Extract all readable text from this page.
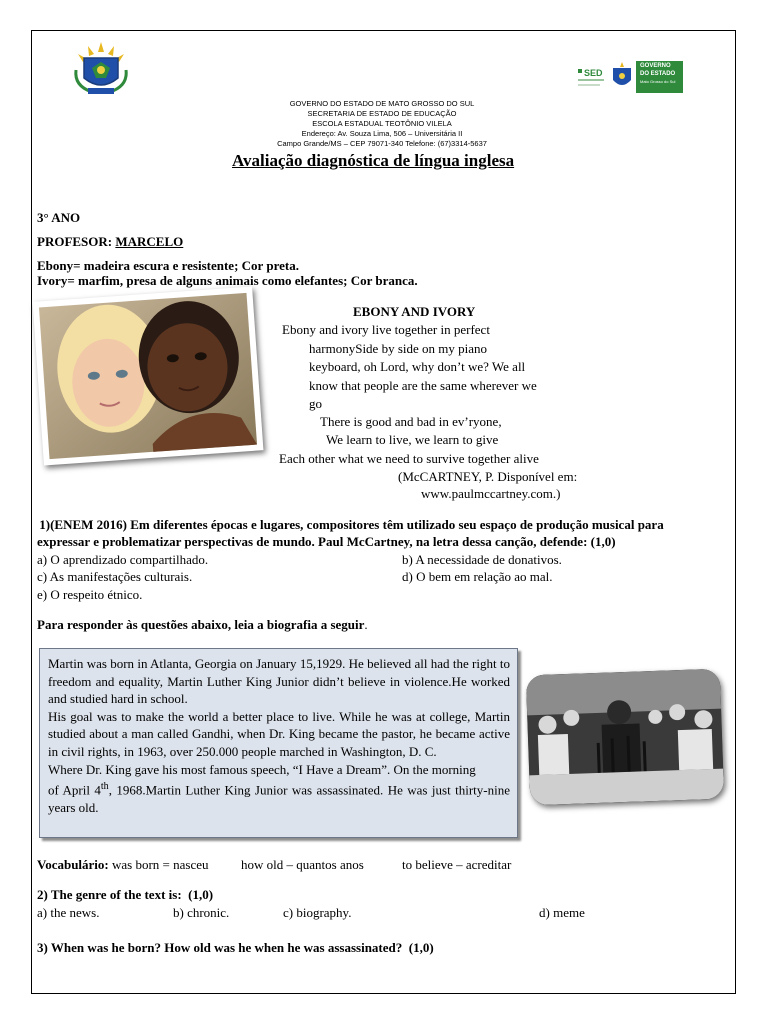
SED
GOVERNO
DO ESTADO
Mato Grosso do Sul
GOVERNO DO ESTADO DE MATO GROSSO DO SUL
SECRETARIA DE ESTADO DE EDUCAÇÃO
ESCOLA ESTADUAL TEOTÔNIO VILELA
Endereço: Av. Souza Lima, 506 – Universitária II
Campo Grande/MS – CEP 79071-340 Telefone: (67)3314-5637
Avaliação diagnóstica de língua inglesa
3° ANO
PROFESOR: MARCELO
Ebony= madeira escura e resistente; Cor preta.
Ivory= marfim, presa de alguns animais como elefantes; Cor branca.
EBONY AND IVORY
Ebony and ivory live together in perfect
harmonySide by side on my piano
keyboard, oh Lord, why don’t we? We all
know that people are the same wherever we
go
There is good and bad in ev’ryone,
We learn to live, we learn to give
Each other what we need to survive together alive
(McCARTNEY, P. Disponível em:
www.paulmccartney.com.)
1)(ENEM 2016) Em diferentes épocas e lugares, compositores têm utilizado seu espaço de produção musical para
expressar e problematizar perspectivas de mundo. Paul McCartney, na letra dessa canção, defende: (1,0)
a) O aprendizado compartilhado.	b) A necessidade de donativos.
c) As manifestações culturais.	d) O bem em relação ao mal.
e) O respeito étnico.
Para responder às questões abaixo, leia a biografia a seguir.

Martin was born in Atlanta, Georgia on January 15,1929. He believed all had the right to freedom and equality, Martin Luther King Junior didn’t believe in violence.He worked and studied hard in school.

His goal was to make the world a better place to live. While he was at college, Martin studied about a man called Gandhi, when Dr. King became the pastor, he became active in civil rights, in 1963, over 250.000 people marched in Washington, D. C.

Where Dr. King gave his most famous speech, “I Have a Dream”. On the morning

of April 4th, 1968.Martin Luther King Junior was assassinated. He was just thirty-nine years old.

Vocabulário: was born = nasceu	how old – quantos anos	to believe – acreditar
2) The genre of the text is:  (1,0)
a) the news.	b) chronic.	c) biography.	d) meme
3) When was he born? How old was he when he was assassinated?  (1,0)
